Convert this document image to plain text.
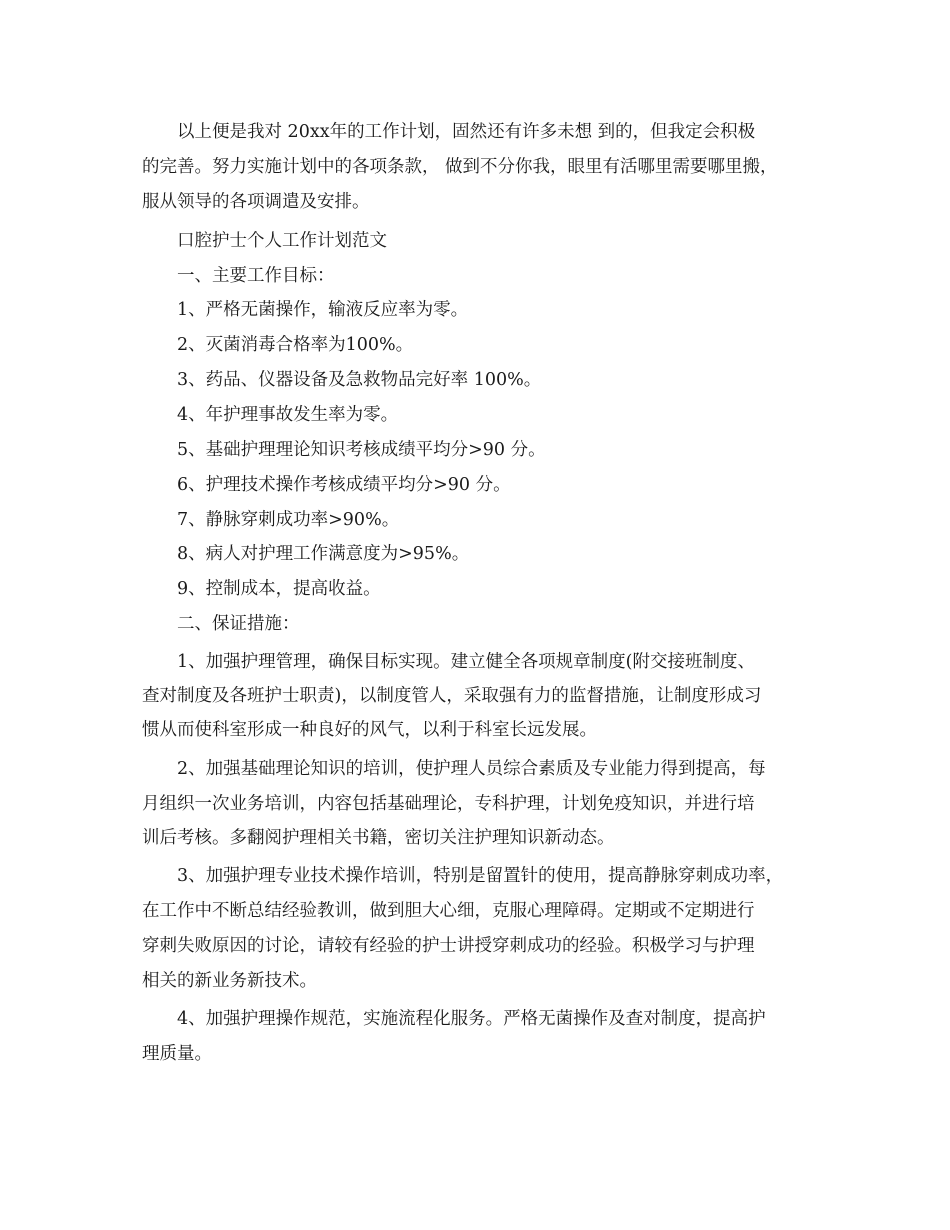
以上便是我对 20xx年的工作计划，固然还有许多未想 到的，但我定会积极
的完善。努力实施计划中的各项条款， 做到不分你我，眼里有活哪里需要哪里搬，
服从领导的各项调遣及安排。
口腔护士个人工作计划范文
一、主要工作目标：
1、严格无菌操作，输液反应率为零。
2、灭菌消毒合格率为100%。
3、药品、仪器设备及急救物品完好率 100%。
4、年护理事故发生率为零。
5、基础护理理论知识考核成绩平均分>90 分。
6、护理技术操作考核成绩平均分>90 分。
7、静脉穿刺成功率>90%。
8、病人对护理工作满意度为>95%。
9、控制成本，提高收益。
二、保证措施：
1、加强护理管理，确保目标实现。建立健全各项规章制度(附交接班制度、
查对制度及各班护士职责)，以制度管人，采取强有力的监督措施，让制度形成习
惯从而使科室形成一种良好的风气，以利于科室长远发展。
2、加强基础理论知识的培训，使护理人员综合素质及专业能力得到提高，每
月组织一次业务培训，内容包括基础理论，专科护理，计划免疫知识，并进行培
训后考核。多翻阅护理相关书籍，密切关注护理知识新动态。
3、加强护理专业技术操作培训，特别是留置针的使用，提高静脉穿刺成功率，
在工作中不断总结经验教训，做到胆大心细，克服心理障碍。定期或不定期进行
穿刺失败原因的讨论，请较有经验的护士讲授穿刺成功的经验。积极学习与护理
相关的新业务新技术。
4、加强护理操作规范，实施流程化服务。严格无菌操作及查对制度，提高护
理质量。
